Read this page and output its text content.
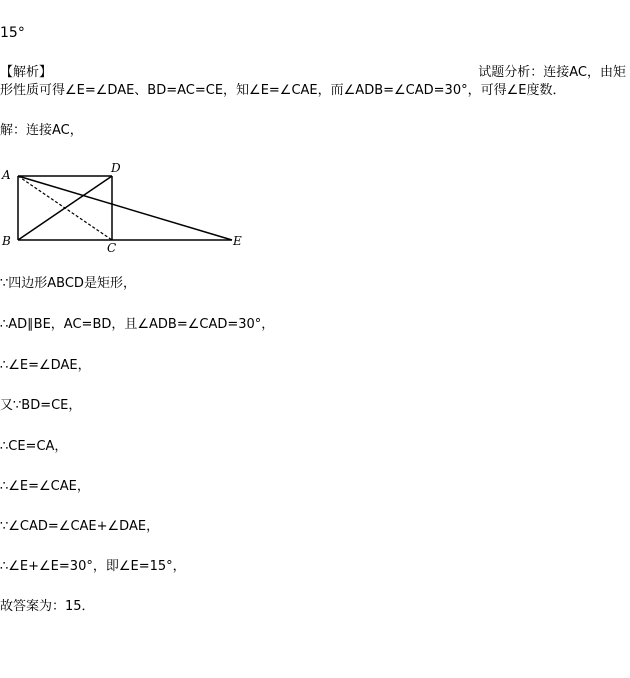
15°
【解析】	试题分析：连接AC，由矩
形性质可得∠E=∠DAE、BD=AC=CE，知∠E=∠CAE，而∠ADB=∠CAD=30°，可得∠E度数．
解：连接AC，
A	D
B	C	E
∵四边形ABCD是矩形，
∴AD∥BE，AC=BD，且∠ADB=∠CAD=30°，
∴∠E=∠DAE，
又∵BD=CE，
∴CE=CA，
∴∠E=∠CAE，
∵∠CAD=∠CAE+∠DAE，
∴∠E+∠E=30°，即∠E=15°，
故答案为：15．
